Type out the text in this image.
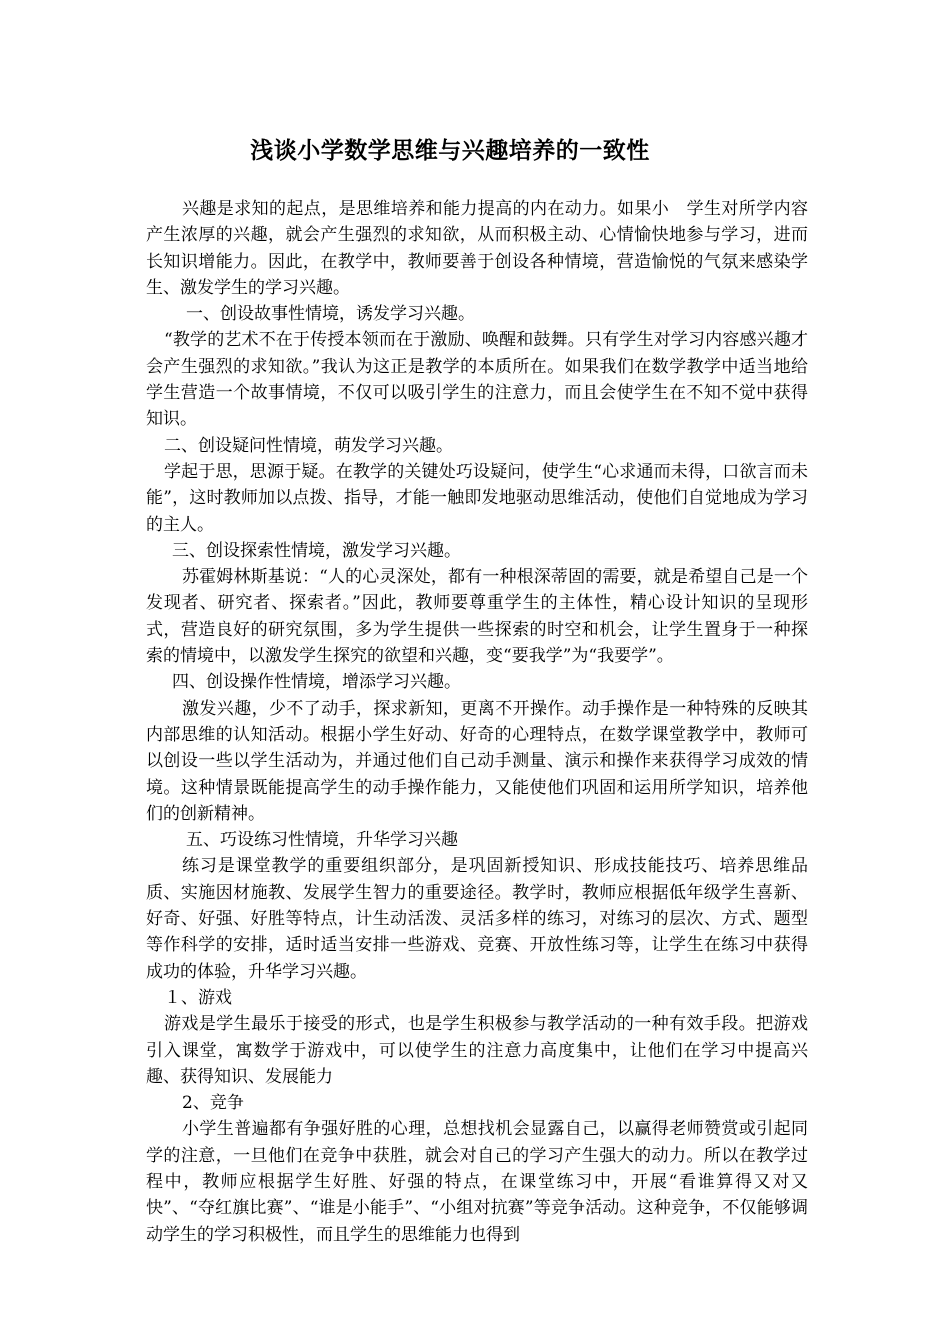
浅谈小学数学思维与兴趣培养的一致性

兴趣是求知的起点，是思维培养和能力提高的内在动力。如果小　学生对所学内容产生浓厚的兴趣，就会产生强烈的求知欲，从而积极主动、心情愉快地参与学习，进而长知识增能力。因此，在教学中，教师要善于创设各种情境，营造愉悦的气氛来感染学生、激发学生的学习兴趣。

一、创设故事性情境，诱发学习兴趣。

“教学的艺术不在于传授本领而在于激励、唤醒和鼓舞。只有学生对学习内容感兴趣才会产生强烈的求知欲。”我认为这正是教学的本质所在。如果我们在数学教学中适当地给学生营造一个故事情境，不仅可以吸引学生的注意力，而且会使学生在不知不觉中获得知识。

二、创设疑问性情境，萌发学习兴趣。

学起于思，思源于疑。在教学的关键处巧设疑问，使学生“心求通而未得，口欲言而未能”，这时教师加以点拨、指导，才能一触即发地驱动思维活动，使他们自觉地成为学习的主人。

三、创设探索性情境，激发学习兴趣。

苏霍姆林斯基说：“人的心灵深处，都有一种根深蒂固的需要，就是希望自己是一个发现者、研究者、探索者。”因此，教师要尊重学生的主体性，精心设计知识的呈现形式，营造良好的研究氛围，多为学生提供一些探索的时空和机会，让学生置身于一种探索的情境中，以激发学生探究的欲望和兴趣，变“要我学”为“我要学”。

四、创设操作性情境，增添学习兴趣。

激发兴趣，少不了动手，探求新知，更离不开操作。动手操作是一种特殊的反映其内部思维的认知活动。根据小学生好动、好奇的心理特点，在数学课堂教学中，教师可以创设一些以学生活动为，并通过他们自己动手测量、演示和操作来获得学习成效的情境。这种情景既能提高学生的动手操作能力，又能使他们巩固和运用所学知识，培养他们的创新精神。

五、巧设练习性情境，升华学习兴趣

练习是课堂教学的重要组织部分，是巩固新授知识、形成技能技巧、培养思维品质、实施因材施教、发展学生智力的重要途径。教学时，教师应根据低年级学生喜新、好奇、好强、好胜等特点，计生动活泼、灵活多样的练习，对练习的层次、方式、题型等作科学的安排，适时适当安排一些游戏、竞赛、开放性练习等，让学生在练习中获得成功的体验，升华学习兴趣。

１、游戏

游戏是学生最乐于接受的形式，也是学生积极参与教学活动的一种有效手段。把游戏引入课堂，寓数学于游戏中，可以使学生的注意力高度集中，让他们在学习中提高兴趣、获得知识、发展能力

2、竞争

小学生普遍都有争强好胜的心理，总想找机会显露自己，以赢得老师赞赏或引起同学的注意，一旦他们在竞争中获胜，就会对自己的学习产生强大的动力。所以在教学过程中，教师应根据学生好胜、好强的特点，在课堂练习中，开展“看谁算得又对又快”、“夺红旗比赛”、“谁是小能手”、“小组对抗赛”等竞争活动。这种竞争，不仅能够调动学生的学习积极性，而且学生的思维能力也得到
